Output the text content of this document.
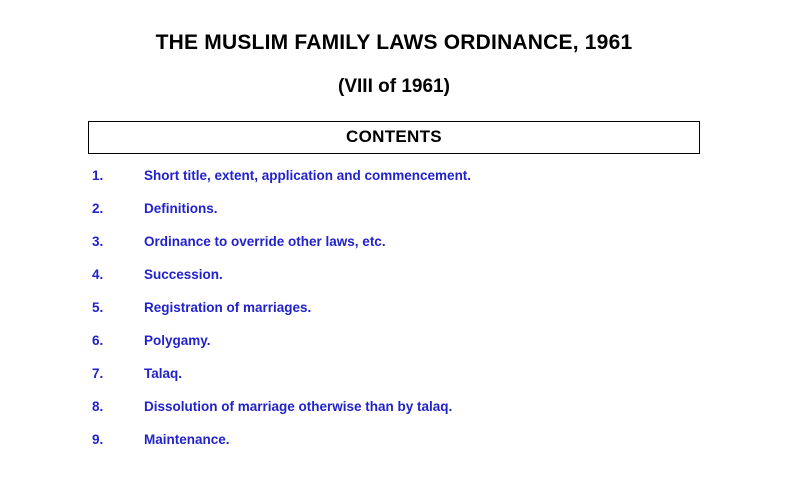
THE MUSLIM FAMILY LAWS ORDINANCE, 1961
(VIII of 1961)
CONTENTS
1.	Short title, extent, application and commencement.
2.	Definitions.
3.	Ordinance to override other laws, etc.
4.	Succession.
5.	Registration of marriages.
6.	Polygamy.
7.	Talaq.
8.	Dissolution of marriage otherwise than by talaq.
9.	Maintenance.
